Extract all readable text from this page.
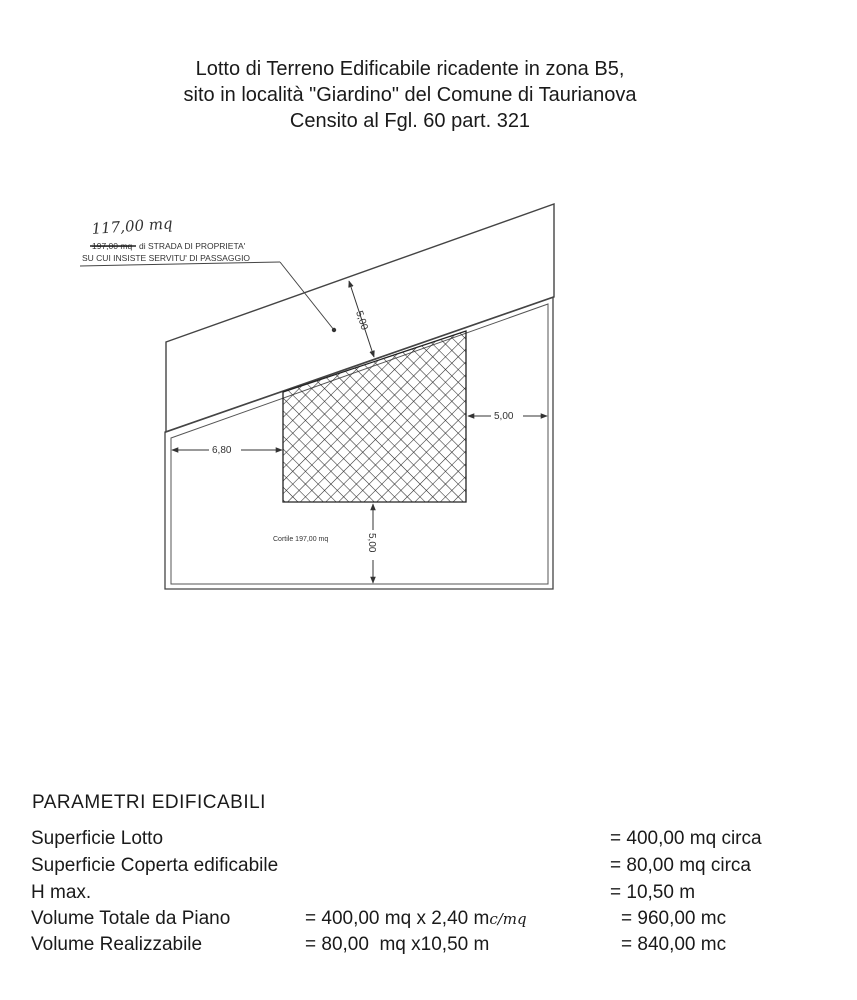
Lotto di Terreno Edificabile ricadente in zona B5,
sito in località "Giardino" del Comune di Taurianova
Censito al Fgl. 60 part. 321
117,00 mq
197,00 mq di STRADA DI PROPRIETA'
SU CUI INSISTE SERVITU' DI PASSAGGIO
5,00
5,00
6,80
5,00
Cortile 197,00 mq
PARAMETRI EDIFICABILI
Superficie Lotto	= 400,00 mq circa
Superficie Coperta edificabile	= 80,00 mq circa
H max.	= 10,50 m
Volume Totale da Piano	= 400,00 mq x 2,40 mc/mq	= 960,00 mc
Volume Realizzabile	= 80,00  mq x10,50 m	= 840,00 mc
